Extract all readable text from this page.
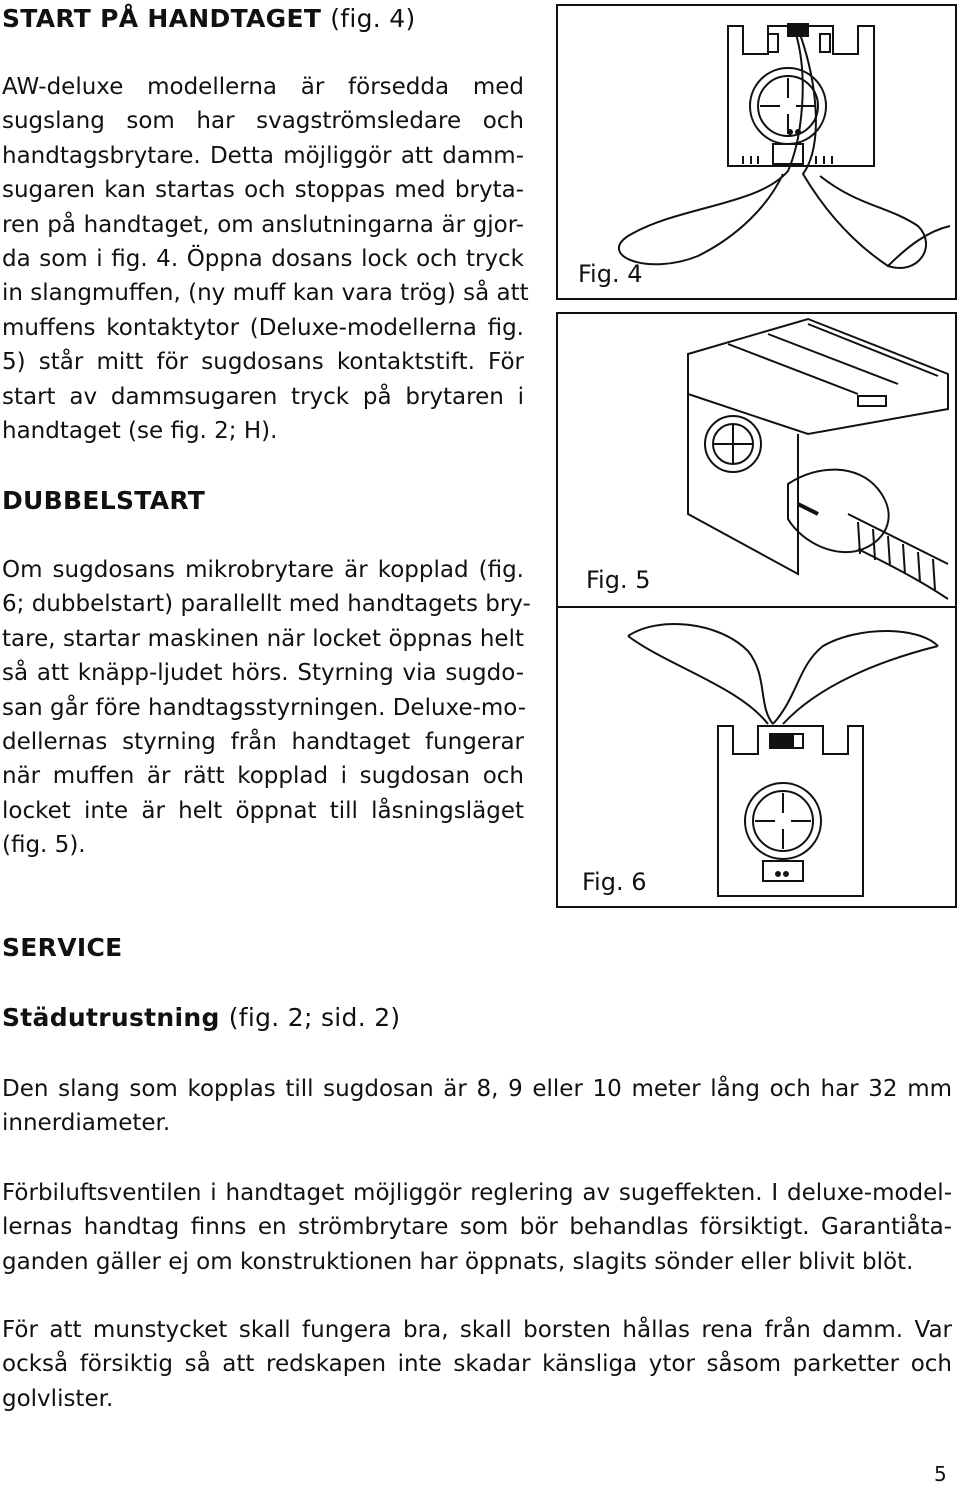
START PÅ HANDTAGET (fig. 4)
AW-deluxe modellerna är försedda med
sugslang som har svagströmsledare och
handtagsbrytare. Detta möjliggör att damm-
sugaren kan startas och stoppas med bryta-
ren på handtaget, om anslutningarna är gjor-
da som i fig. 4. Öppna dosans lock och tryck
in slangmuffen, (ny muff kan vara trög) så att
muffens kontaktytor (Deluxe-modellerna fig.
5) står mitt för sugdosans kontaktstift. För
start av dammsugaren tryck på brytaren i
handtaget (se fig. 2; H).
DUBBELSTART
Om sugdosans mikrobrytare är kopplad (fig.
6; dubbelstart) parallellt med handtagets bry-
tare, startar maskinen när locket öppnas helt
så att knäpp-ljudet hörs. Styrning via sugdo-
san går före handtagsstyrningen. Deluxe-mo-
dellernas styrning från handtaget fungerar
när muffen är rätt kopplad i sugdosan och
locket inte är helt öppnat till låsningsläget
(fig. 5).
Fig. 4
Fig. 5
Fig. 6
SERVICE
Städutrustning (fig. 2; sid. 2)
Den slang som kopplas till sugdosan är 8, 9 eller 10 meter lång och har 32 mm
innerdiameter.
Förbiluftsventilen i handtaget möjliggör reglering av sugeffekten. I deluxe-model-
lernas handtag finns en strömbrytare som bör behandlas försiktigt. Garantiåta-
ganden gäller ej om konstruktionen har öppnats, slagits sönder eller blivit blöt.
För att munstycket skall fungera bra, skall borsten hållas rena från damm. Var
också försiktig så att redskapen inte skadar känsliga ytor såsom parketter och
golvlister.
5
